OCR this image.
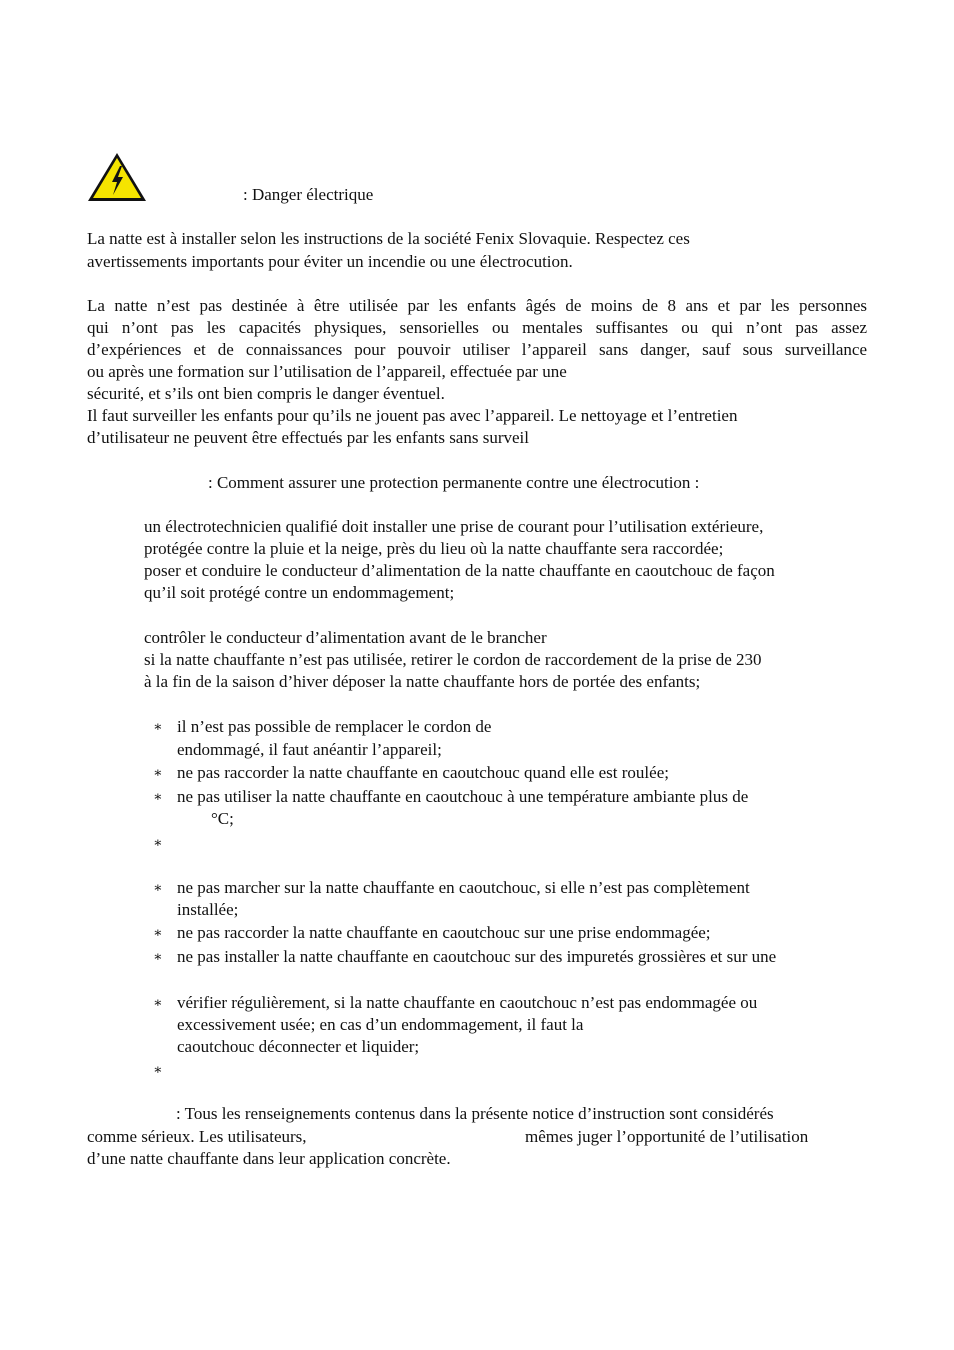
: Danger électrique
La natte est à installer selon les instructions de la société Fenix Slovaquie. Respectez ces
avertissements importants pour éviter un incendie ou une électrocution.
La natte n’est pas destinée à être utilisée par les enfants âgés de moins de 8 ans et par les personnes
qui n’ont pas les capacités physiques, sensorielles ou mentales suffisantes ou qui n’ont pas assez
d’expériences et de connaissances pour pouvoir utiliser l’appareil sans danger, sauf sous surveillance
ou après une formation sur l’utilisation de l’appareil, effectuée par une
sécurité, et s’ils ont bien compris le danger éventuel.
Il faut surveiller les enfants pour qu’ils ne jouent pas avec l’appareil. Le nettoyage et l’entretien
d’utilisateur ne peuvent être effectués par les enfants sans surveil
: Comment assurer une protection permanente contre une électrocution :
un électrotechnicien qualifié doit installer une prise de courant pour l’utilisation extérieure,
protégée contre la pluie et la neige, près du lieu où la natte chauffante sera raccordée;
poser et conduire le conducteur d’alimentation de la natte chauffante en caoutchouc de façon
qu’il soit protégé contre un endommagement;
contrôler le conducteur d’alimentation avant de le brancher
si la natte chauffante n’est pas utilisée, retirer le cordon de raccordement de la prise de 230
à la fin de la saison d’hiver déposer la natte chauffante hors de portée des enfants;
∗ il n’est pas possible de remplacer le cordon de
endommagé, il faut anéantir l’appareil;
∗ ne pas raccorder la natte chauffante en caoutchouc quand elle est roulée;
∗ ne pas utiliser la natte chauffante en caoutchouc à une température ambiante plus de
°C;
∗
∗ ne pas marcher sur la natte chauffante en caoutchouc, si elle n’est pas complètement
installée;
∗ ne pas raccorder la natte chauffante en caoutchouc sur une prise endommagée;
∗ ne pas installer la natte chauffante en caoutchouc sur des impuretés grossières et sur une
∗ vérifier régulièrement, si la natte chauffante en caoutchouc n’est pas endommagée ou
excessivement usée; en cas d’un endommagement, il faut la
caoutchouc déconnecter et liquider;
∗
: Tous les renseignements contenus dans la présente notice d’instruction sont considérés
comme sérieux. Les utilisateurs,	mêmes juger l’opportunité de l’utilisation
d’une natte chauffante dans leur application concrète.
